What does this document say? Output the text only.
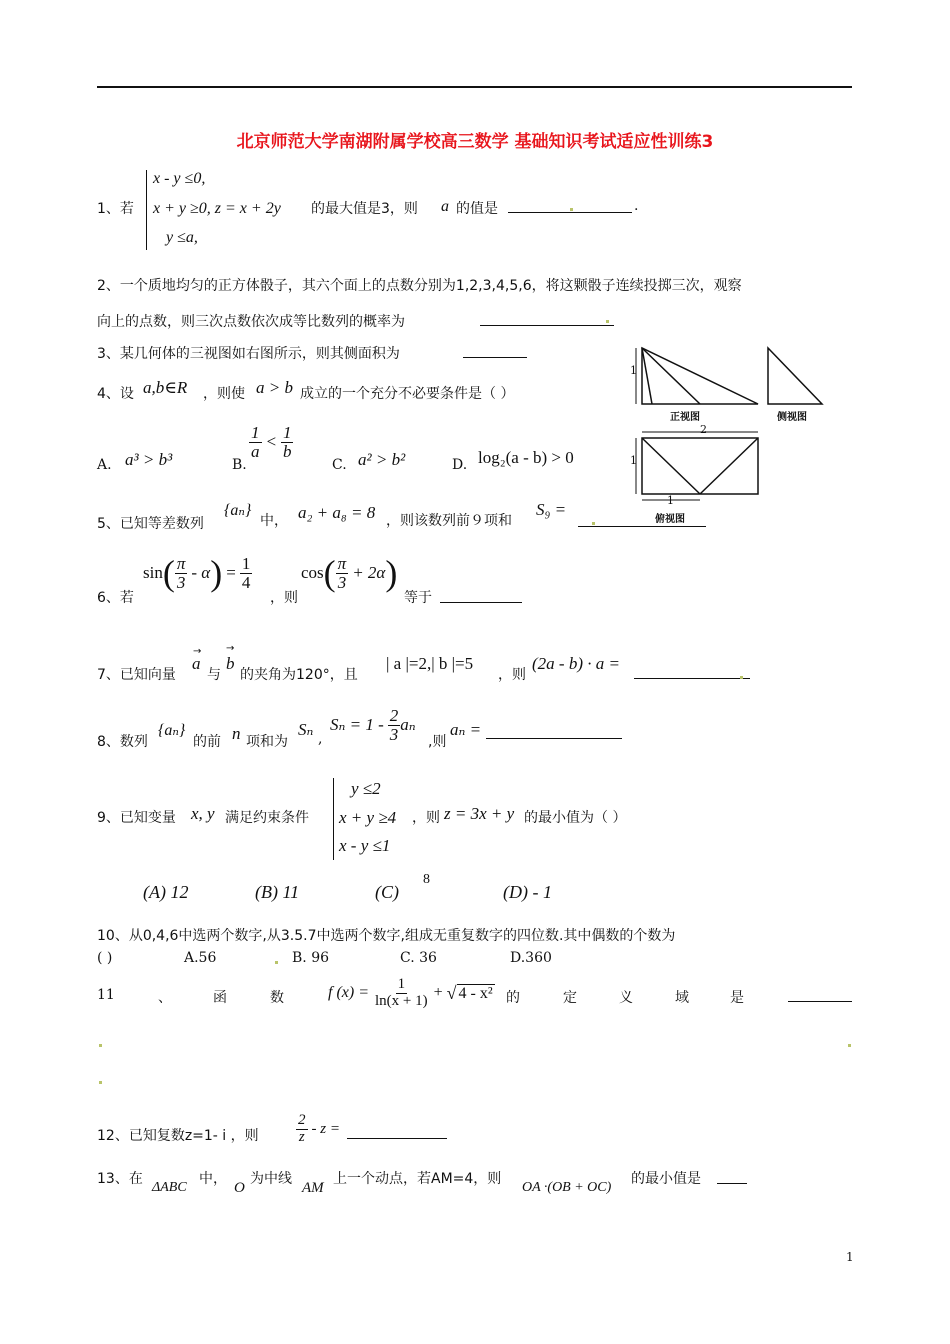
北京师范大学南湖附属学校高三数学 基础知识考试适应性训练3
1、若
x - y ≤0,
x + y ≥0, z = x + 2y
y ≤a,
的最大值是3，则 a 的值是	.
2、一个质地均匀的正方体骰子，其六个面上的点数分别为1,2,3,4,5,6，将这颗骰子连续投掷三次，观察
向上的点数，则三次点数依次成等比数列的概率为
3、某几何体的三视图如右图所示，则其侧面积为
4、设 a,b∈R ，则使 a > b 成立的一个充分不必要条件是（ ）
A. a³ > b³	B.
$\frac{1}{a} < \frac{1}{b}$
C. a² > b²	D. log₂(a - b) > 0
1
2
1
1
正视图	侧视图
俯视图
5、已知等差数列
{aₙ}
中， a₂ + a₈ = 8 ，则该数列前９项和
S₉ =
6、若
sin ( $\frac{\pi}{3}$ - α ) = $\frac{1}{4}$
，则
cos ( $\frac{\pi}{3} + 2\alpha$ )
等于
7、已知向量
a
→
与
b
→
的夹角为120°，且
| a |=2,| b |=5
，则
(2a - b) · a =
8、数列
{aₙ}
的前 n 项和为
Sₙ ,
$S_n = 1 - \frac{2}{3}$ aₙ
,则
aₙ =
9、已知变量 x, y 满足约束条件
y ≤2
x + y ≥4
x - y ≤1
，则 z = 3x + y 的最小值为（ ）
(A) 12	(B) 11	(C)
8
(D) - 1
10、从0,4,6中选两个数字,从3.5.7中选两个数字,组成无重复数字的四位数.其中偶数的个数为
( )	A.56	B. 96	C. 36	D.360
11	、	函	数	f $(x) = \frac{1}{\ln(x + 1)}$ + √ 4 - x² 的	定	义	域	是
12、已知复数z=1- i ，则 $\frac{2}{z}$ - z =
13、在
ΔABC
中，
O
为中线
AM
上一个动点，若AM=4，则
OA ·(OB + OC)
的最小值是
1
